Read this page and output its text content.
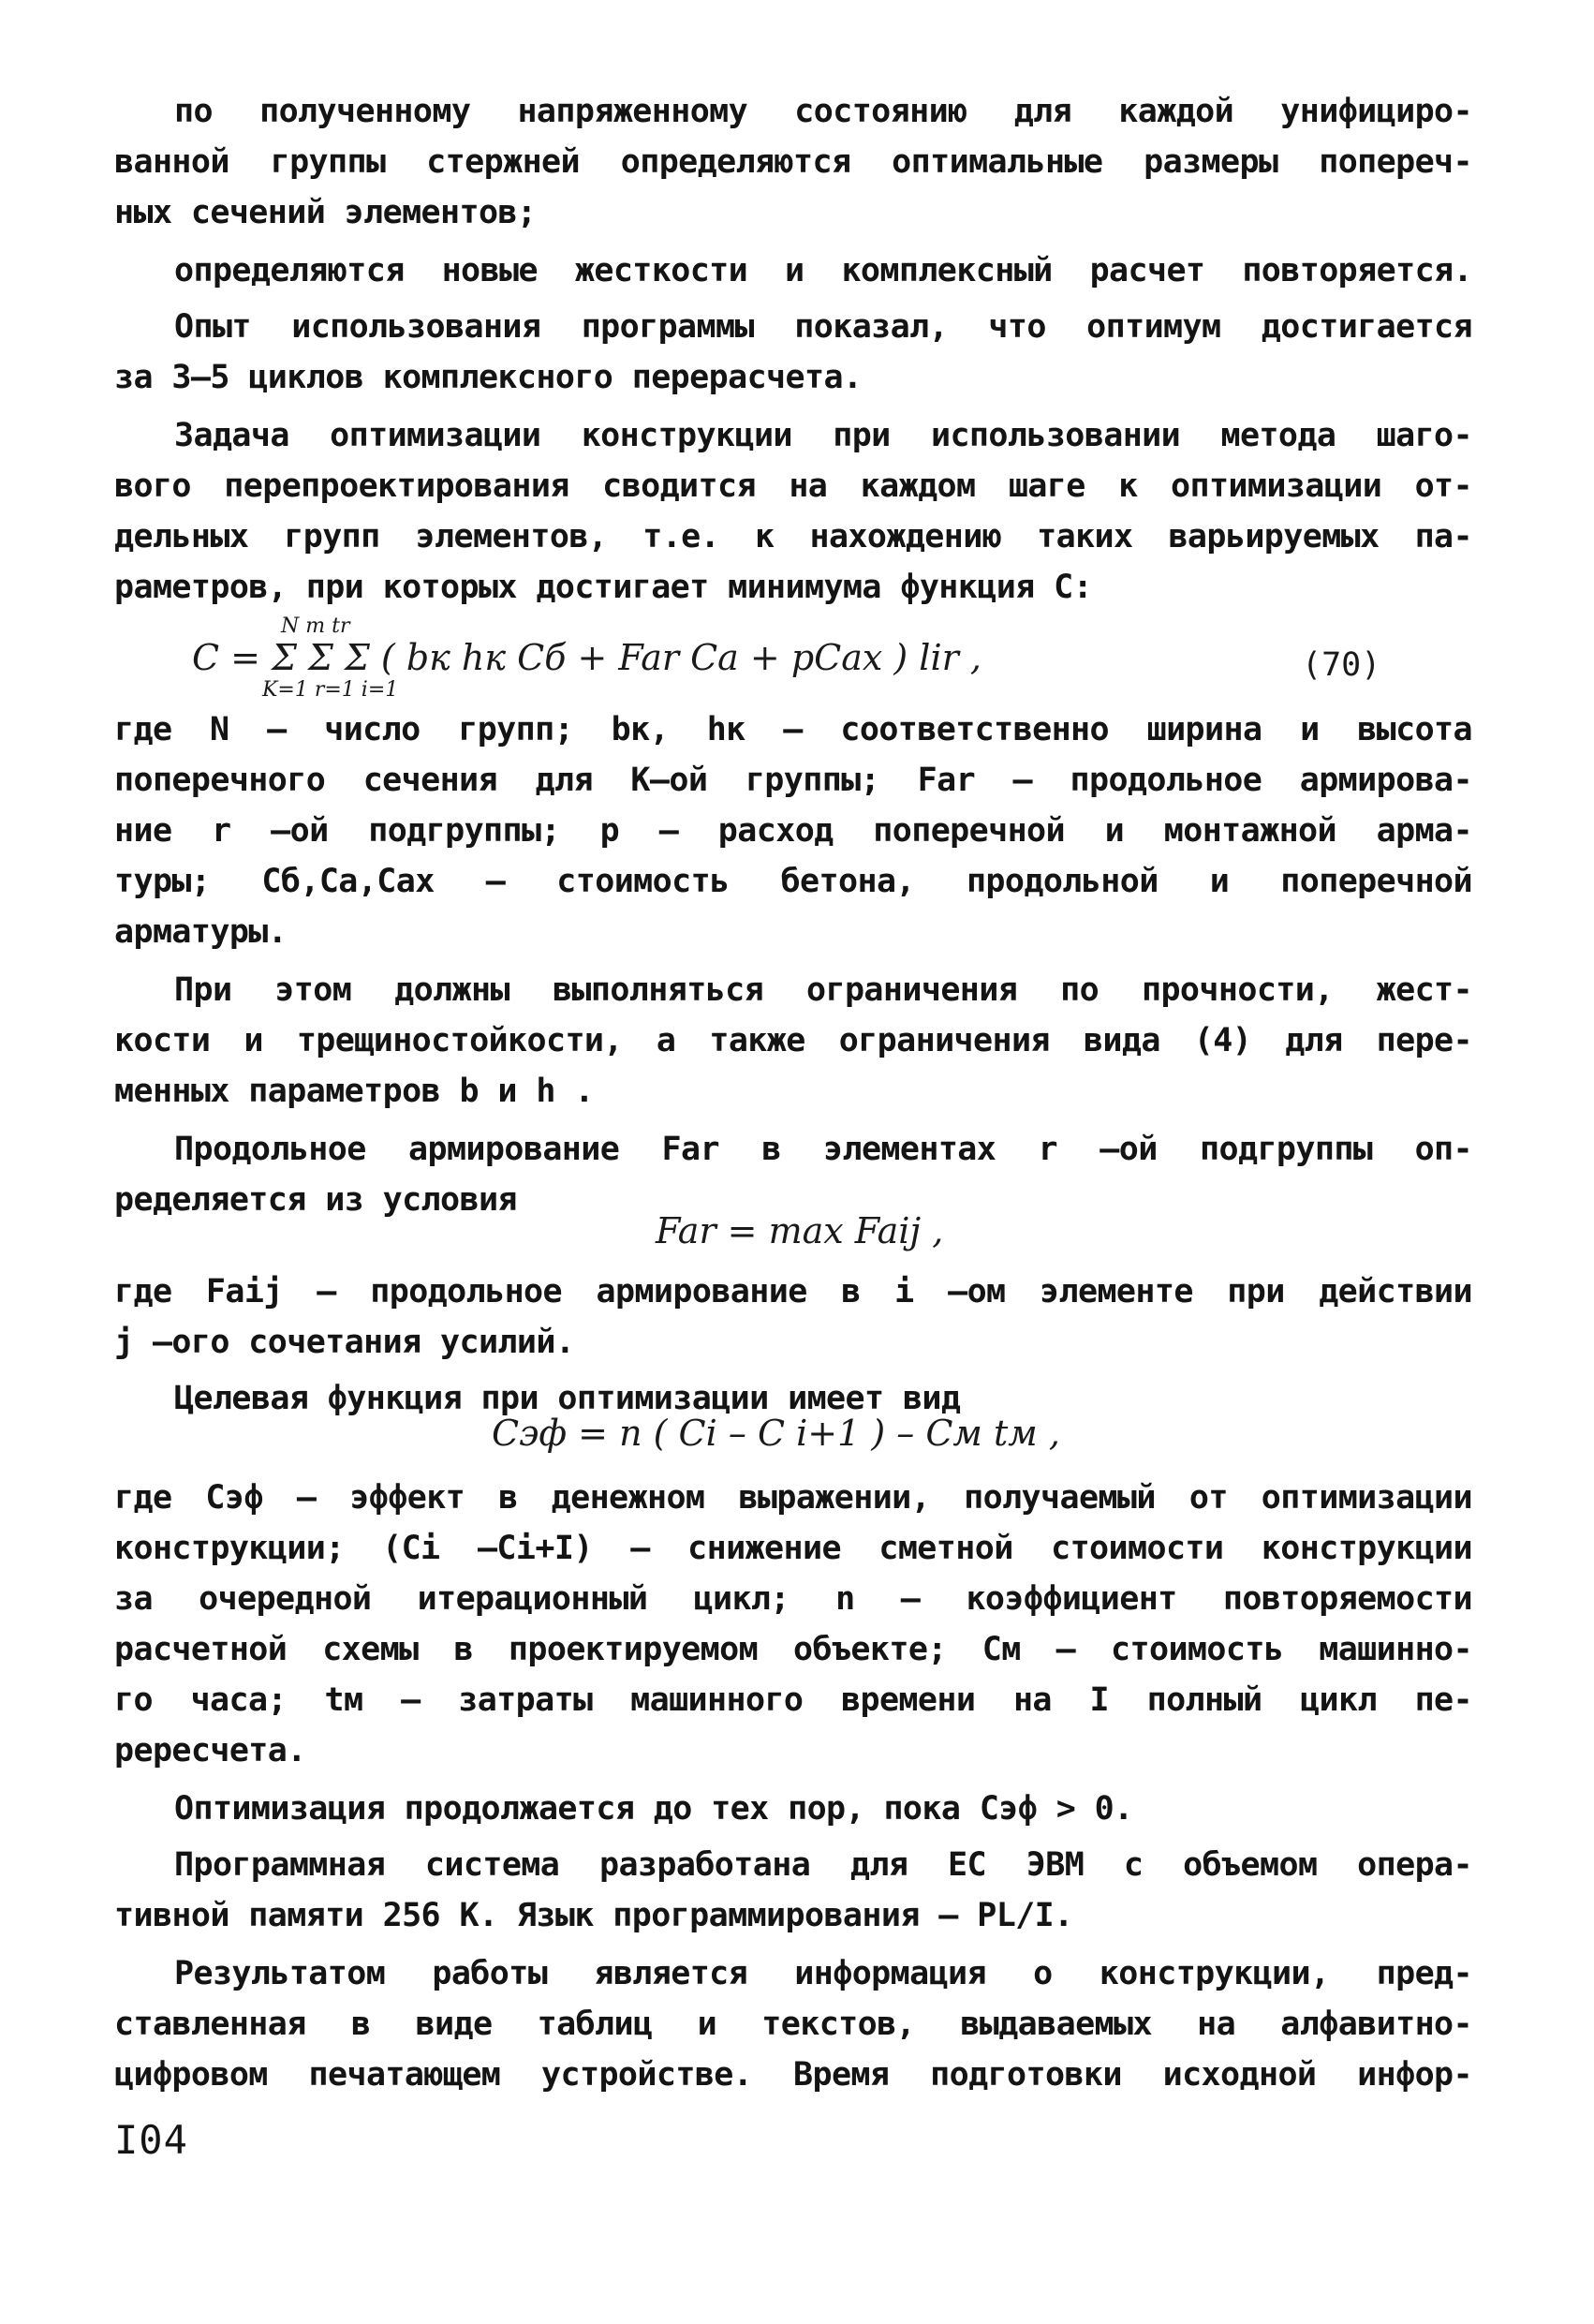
по полученному напряженному состоянию для каждой унифициро-
ванной группы стержней определяются оптимальные размеры попереч-
ных сечений элементов;
определяются новые жесткости и комплексный расчет повторяется.
Опыт использования программы показал, что оптимум достигается
за 3–5 циклов комплексного перерасчета.
Задача оптимизации конструкции при использовании метода шаго-
вого перепроектирования сводится на каждом шаге к оптимизации от-
дельных групп элементов, т.е. к нахождению таких варьируемых па-
раметров, при которых достигает минимума функция С:
N m tr
C = Σ Σ Σ ( bк hк Cб + Far Ca + pCax ) lir ,
K=1 r=1 i=1
(70)
где N – число групп; bк, hк – соответственно ширина и высота
поперечного сечения для К–ой группы; Far – продольное армирова-
ние r –ой подгруппы; p – расход поперечной и монтажной арма-
туры; Сб,Са,Сах – стоимость бетона, продольной и поперечной
арматуры.
При этом должны выполняться ограничения по прочности, жест-
кости и трещиностойкости, а также ограничения вида (4) для пере-
менных параметров b и h .
Продольное армирование Far в элементах r –ой подгруппы оп-
ределяется из условия
Far = max Faij ,
где Faij – продольное армирование в i –ом элементе при действии
j –ого сочетания усилий.
Целевая функция при оптимизации имеет вид
Cэф = n ( Ci – C i+1 ) – Cм tм ,
где Сэф – эффект в денежном выражении, получаемый от оптимизации
конструкции; (Сi –Сi+I) – снижение сметной стоимости конструкции
за очередной итерационный цикл; n – коэффициент повторяемости
расчетной схемы в проектируемом объекте; См – стоимость машинно-
го часа; tм – затраты машинного времени на I полный цикл пе-
рересчета.
Оптимизация продолжается до тех пор, пока Сэф > 0.
Программная система разработана для ЕС ЭВМ с объемом опера-
тивной памяти 256 К. Язык программирования – PL/I.
Результатом работы является информация о конструкции, пред-
ставленная в виде таблиц и текстов, выдаваемых на алфавитно-
цифровом печатающем устройстве. Время подготовки исходной инфор-
I04
